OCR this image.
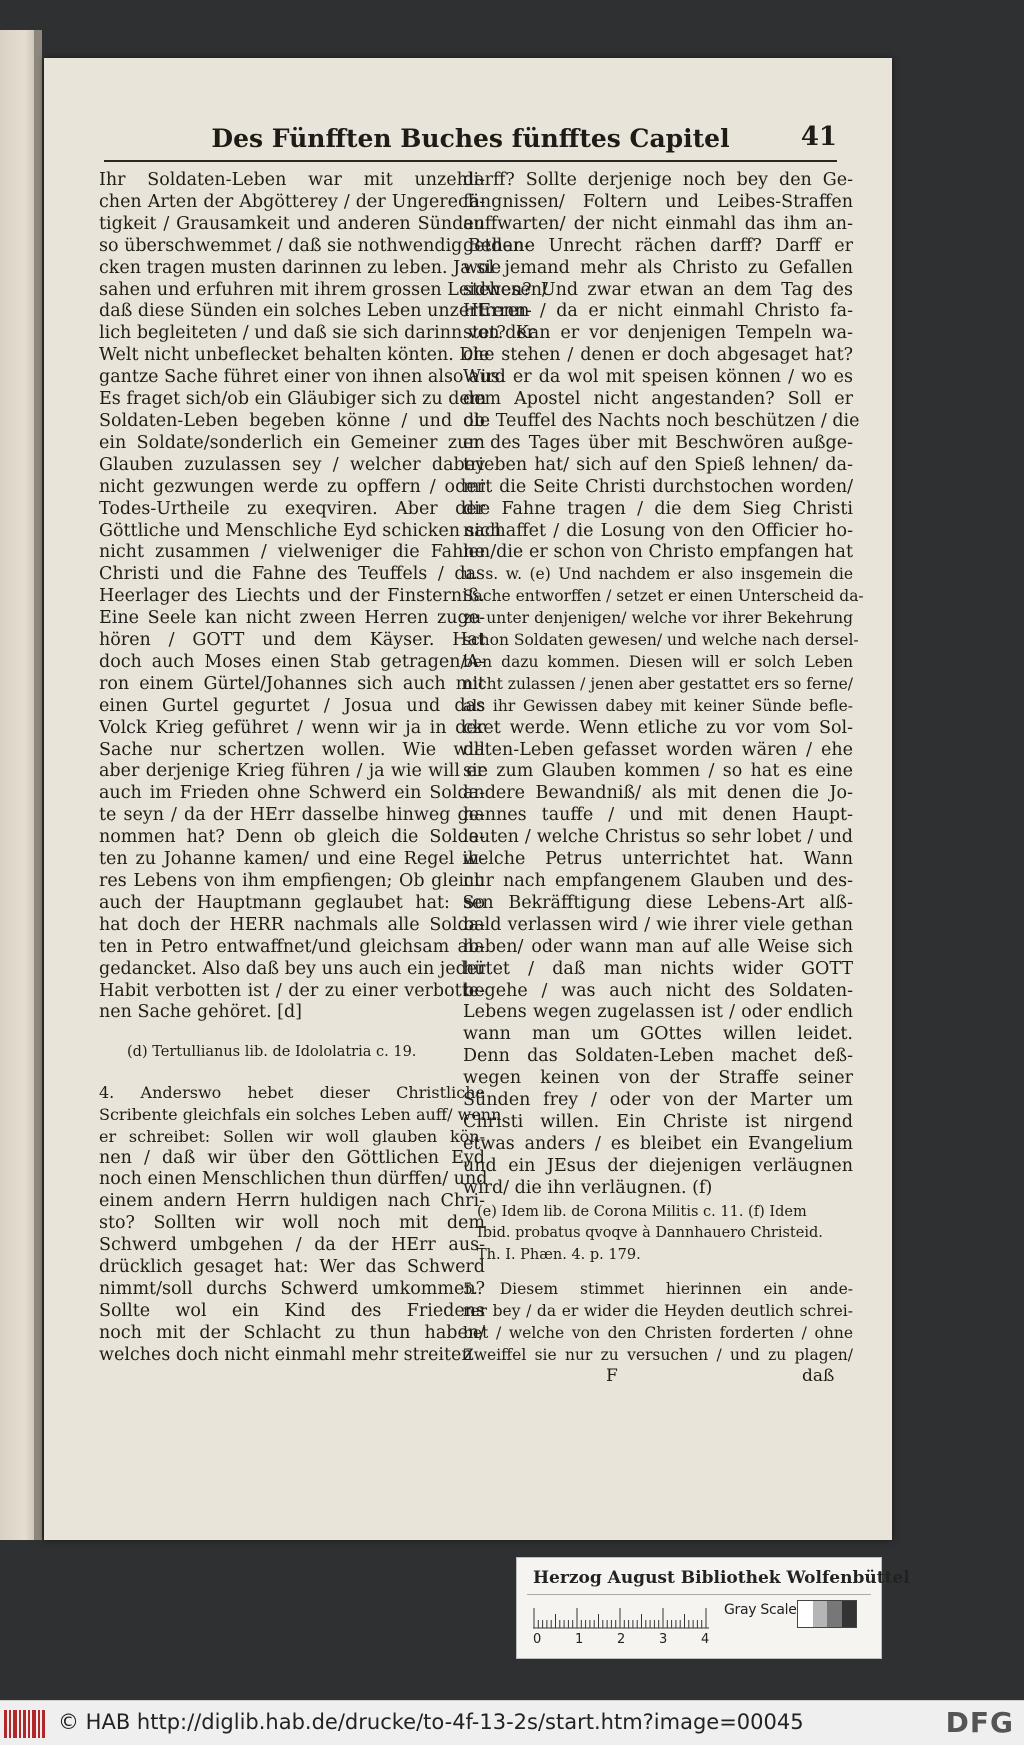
Des Fünfften Buches fünfftes Capitel	41
Ihr Soldaten-Leben war mit unzehli-
chen Arten der Abgötterey / der Ungerech-
tigkeit / Grausamkeit und anderen Sünden
so überschwemmet / daß sie nothwendig Beden-
cken tragen musten darinnen zu leben. Ja sie
sahen und erfuhren mit ihrem grossen Leidwesen/
daß diese Sünden ein solches Leben unzertrenn-
lich begleiteten / und daß sie sich darinn von der
Welt nicht unbeflecket behalten könten. Die
gantze Sache führet einer von ihnen also aus:
Es fraget sich/ob ein Gläubiger sich zu dem
Soldaten-Leben begeben könne / und ob
ein Soldate/sonderlich ein Gemeiner zum
Glauben zuzulassen sey / welcher dabey
nicht gezwungen werde zu opffern / oder
Todes-Urtheile zu exeqviren. Aber der
Göttliche und Menschliche Eyd schicken sich
nicht zusammen / vielweniger die Fahne
Christi und die Fahne des Teuffels / das
Heerlager des Liechts und der Finsterniß.
Eine Seele kan nicht zween Herren zuge-
hören / GOTT und dem Käyser. Hat
doch auch Moses einen Stab getragen/A-
ron einem Gürtel/Johannes sich auch mit
einen Gurtel gegurtet / Josua und das
Volck Krieg geführet / wenn wir ja in der
Sache nur schertzen wollen. Wie will
aber derjenige Krieg führen / ja wie will er
auch im Frieden ohne Schwerd ein Solda-
te seyn / da der HErr dasselbe hinweg ge-
nommen hat? Denn ob gleich die Solda-
ten zu Johanne kamen/ und eine Regel ih-
res Lebens von ihm empfiengen; Ob gleich
auch der Hauptmann geglaubet hat: So
hat doch der HERR nachmals alle Solda-
ten in Petro entwaffnet/und gleichsam ab-
gedancket. Also daß bey uns auch ein jeder
Habit verbotten ist / der zu einer verbotte-
nen Sache gehöret. [d]
(d) Tertullianus lib. de Idololatria c. 19.
4. Anderswo hebet dieser Christliche
Scribente gleichfals ein solches Leben auff/ wenn
er schreibet: Sollen wir woll glauben kön-
nen / daß wir über den Göttlichen Eyd
noch einen Menschlichen thun dürffen/ und
einem andern Herrn huldigen nach Chri-
sto? Sollten wir woll noch mit dem
Schwerd umbgehen / da der HErr aus-
drücklich gesaget hat: Wer das Schwerd
nimmt/soll durchs Schwerd umkommen?
Sollte wol ein Kind des Friedens
noch mit der Schlacht zu thun haben/
welches doch nicht einmahl mehr streiten
darff? Sollte derjenige noch bey den Ge-
fängnissen/ Foltern und Leibes-Straffen
auffwarten/ der nicht einmahl das ihm an-
gethane Unrecht rächen darff? Darff er
wol jemand mehr als Christo zu Gefallen
stehen? Und zwar etwan an dem Tag des
HErren / da er nicht einmahl Christo fa-
stet? Kan er vor denjenigen Tempeln wa-
che stehen / denen er doch abgesaget hat?
Wird er da wol mit speisen können / wo es
dem Apostel nicht angestanden? Soll er
die Teuffel des Nachts noch beschützen / die
er des Tages über mit Beschwören außge-
trieben hat/ sich auf den Spieß lehnen/ da-
mit die Seite Christi durchstochen worden/
die Fahne tragen / die dem Sieg Christi
nachaffet / die Losung von den Officier ho-
len/die er schon von Christo empfangen hat
u. s. w. (e) Und nachdem er also insgemein die
Sache entworffen / setzet er einen Unterscheid da-
zu unter denjenigen/ welche vor ihrer Bekehrung
schon Soldaten gewesen/ und welche nach dersel-
ben dazu kommen. Diesen will er solch Leben
nicht zulassen / jenen aber gestattet ers so ferne/
als ihr Gewissen dabey mit keiner Sünde befle-
cket werde. Wenn etliche zu vor vom Sol-
daten-Leben gefasset worden wären / ehe
sie zum Glauben kommen / so hat es eine
andere Bewandniß/ als mit denen die Jo-
hannes tauffe / und mit denen Haupt-
leuten / welche Christus so sehr lobet / und
welche Petrus unterrichtet hat. Wann
nur nach empfangenem Glauben und des-
sen Bekräfftigung diese Lebens-Art alß-
bald verlassen wird / wie ihrer viele gethan
haben/ oder wann man auf alle Weise sich
hütet / daß man nichts wider GOTT
begehe / was auch nicht des Soldaten-
Lebens wegen zugelassen ist / oder endlich
wann man um GOttes willen leidet.
Denn das Soldaten-Leben machet deß-
wegen keinen von der Straffe seiner
Sünden frey / oder von der Marter um
Christi willen. Ein Christe ist nirgend
etwas anders / es bleibet ein Evangelium
und ein JEsus der diejenigen verläugnen
wird/ die ihn verläugnen. (f)
(e) Idem lib. de Corona Militis c. 11. (f) Idem
Ibid. probatus qvoqve à Dannhauero Christeid.
Th. I. Phæn. 4. p. 179.
5. Diesem stimmet hierinnen ein ande-
rer bey / da er wider die Heyden deutlich schrei-
bet / welche von den Christen forderten / ohne
Zweiffel sie nur zu versuchen / und zu plagen/
F	daß
Herzog August Bibliothek Wolfenbüttel
0	1	2	3	4
Gray Scale
© HAB http://diglib.hab.de/drucke/to-4f-13-2s/start.htm?image=00045	DFG
